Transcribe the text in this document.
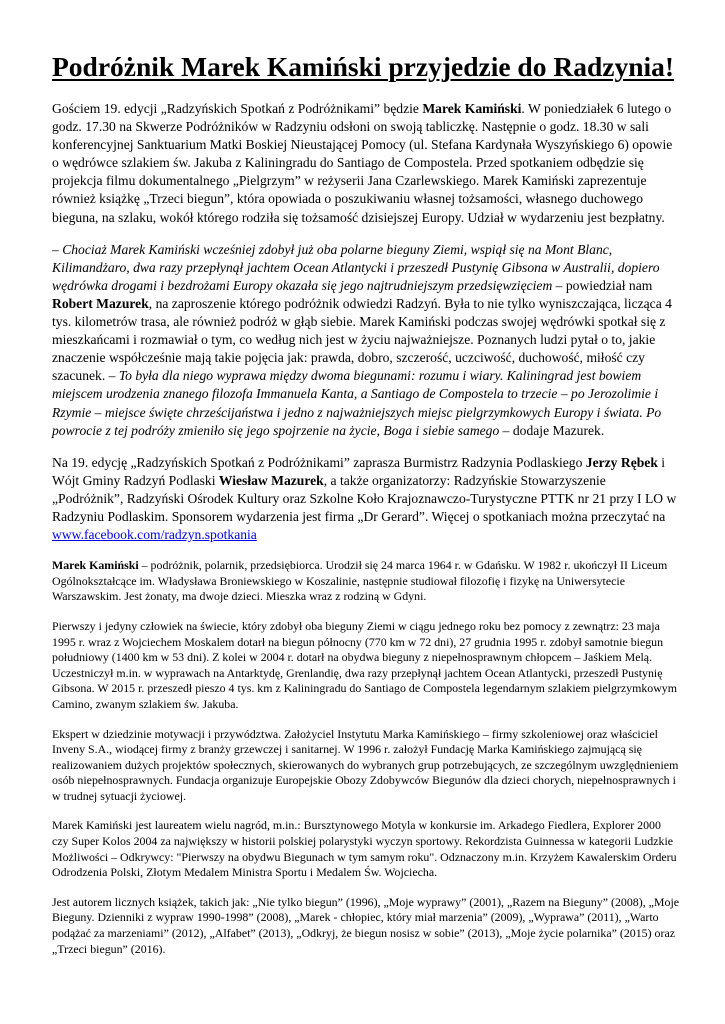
Podróżnik Marek Kamiński przyjedzie do Radzynia!

Gościem 19. edycji „Radzyńskich Spotkań z Podróżnikami” będzie Marek Kamiński. W poniedziałek 6 lutego o godz. 17.30 na Skwerze Podróżników w Radzyniu odsłoni on swoją tabliczkę. Następnie o godz. 18.30 w sali konferencyjnej Sanktuarium Matki Boskiej Nieustającej Pomocy (ul. Stefana Kardynała Wyszyńskiego 6) opowie o wędrówce szlakiem św. Jakuba z Kaliningradu do Santiago de Compostela. Przed spotkaniem odbędzie się projekcja filmu dokumentalnego „Pielgrzym” w reżyserii Jana Czarlewskiego. Marek Kamiński zaprezentuje również książkę „Trzeci biegun”, która opowiada o poszukiwaniu własnej tożsamości, własnego duchowego bieguna, na szlaku, wokół którego rodziła się tożsamość dzisiejszej Europy. Udział w wydarzeniu jest bezpłatny.

– Chociaż Marek Kamiński wcześniej zdobył już oba polarne bieguny Ziemi, wspiął się na Mont Blanc, Kilimandżaro, dwa razy przepłynął jachtem Ocean Atlantycki i przeszedł Pustynię Gibsona w Australii, dopiero wędrówka drogami i bezdrożami Europy okazała się jego najtrudniejszym przedsięwzięciem – powiedział nam Robert Mazurek, na zaproszenie którego podróżnik odwiedzi Radzyń. Była to nie tylko wyniszczająca, licząca 4 tys. kilometrów trasa, ale również podróż w głąb siebie. Marek Kamiński podczas swojej wędrówki spotkał się z mieszkańcami i rozmawiał o tym, co według nich jest w życiu najważniejsze. Poznanych ludzi pytał o to, jakie znaczenie współcześnie mają takie pojęcia jak: prawda, dobro, szczerość, uczciwość, duchowość, miłość czy szacunek. – To była dla niego wyprawa między dwoma biegunami: rozumu i wiary. Kaliningrad jest bowiem miejscem urodzenia znanego filozofa Immanuela Kanta, a Santiago de Compostela to trzecie – po Jerozolimie i Rzymie – miejsce święte chrześcijaństwa i jedno z najważniejszych miejsc pielgrzymkowych Europy i świata. Po powrocie z tej podróży zmieniło się jego spojrzenie na życie, Boga i siebie samego – dodaje Mazurek.

Na 19. edycję „Radzyńskich Spotkań z Podróżnikami” zaprasza Burmistrz Radzynia Podlaskiego Jerzy Rębek i Wójt Gminy Radzyń Podlaski Wiesław Mazurek, a także organizatorzy: Radzyńskie Stowarzyszenie „Podróżnik”, Radzyński Ośrodek Kultury oraz Szkolne Koło Krajoznawczo-Turystyczne PTTK nr 21 przy I LO w Radzyniu Podlaskim. Sponsorem wydarzenia jest firma „Dr Gerard”. Więcej o spotkaniach można przeczytać na www.facebook.com/radzyn.spotkania

Marek Kamiński – podróżnik, polarnik, przedsiębiorca. Urodził się 24 marca 1964 r. w Gdańsku. W 1982 r. ukończył II Liceum Ogólnokształcące im. Władysława Broniewskiego w Koszalinie, następnie studiował filozofię i fizykę na Uniwersytecie Warszawskim. Jest żonaty, ma dwoje dzieci. Mieszka wraz z rodziną w Gdyni.

Pierwszy i jedyny człowiek na świecie, który zdobył oba bieguny Ziemi w ciągu jednego roku bez pomocy z zewnątrz: 23 maja 1995 r. wraz z Wojciechem Moskalem dotarł na biegun północny (770 km w 72 dni), 27 grudnia 1995 r. zdobył samotnie biegun południowy (1400 km w 53 dni). Z kolei w 2004 r. dotarł na obydwa bieguny z niepełnosprawnym chłopcem – Jaśkiem Melą. Uczestniczył m.in. w wyprawach na Antarktydę, Grenlandię, dwa razy przepłynął jachtem Ocean Atlantycki, przeszedł Pustynię Gibsona. W 2015 r. przeszedł pieszo 4 tys. km z Kaliningradu do Santiago de Compostela legendarnym szlakiem pielgrzymkowym Camino, zwanym szlakiem św. Jakuba.

Ekspert w dziedzinie motywacji i przywództwa. Założyciel Instytutu Marka Kamińskiego – firmy szkoleniowej oraz właściciel Inveny S.A., wiodącej firmy z branży grzewczej i sanitarnej. W 1996 r. założył Fundację Marka Kamińskiego zajmującą się realizowaniem dużych projektów społecznych, skierowanych do wybranych grup potrzebujących, ze szczególnym uwzględnieniem osób niepełnosprawnych. Fundacja organizuje Europejskie Obozy Zdobywców Biegunów dla dzieci chorych, niepełnosprawnych i w trudnej sytuacji życiowej.

Marek Kamiński jest laureatem wielu nagród, m.in.: Bursztynowego Motyla w konkursie im. Arkadego Fiedlera, Explorer 2000 czy Super Kolos 2004 za największy w historii polskiej polarystyki wyczyn sportowy. Rekordzista Guinnessa w kategorii Ludzkie Możliwości – Odkrywcy: "Pierwszy na obydwu Biegunach w tym samym roku". Odznaczony m.in. Krzyżem Kawalerskim Orderu Odrodzenia Polski, Złotym Medalem Ministra Sportu i Medalem Św. Wojciecha.

Jest autorem licznych książek, takich jak: „Nie tylko biegun” (1996), „Moje wyprawy” (2001), „Razem na Bieguny” (2008), „Moje Bieguny. Dzienniki z wypraw 1990-1998” (2008), „Marek - chłopiec, który miał marzenia” (2009), „Wyprawa” (2011), „Warto podążać za marzeniami” (2012), „Alfabet” (2013), „Odkryj, że biegun nosisz w sobie” (2013), „Moje życie polarnika” (2015) oraz „Trzeci biegun” (2016).
